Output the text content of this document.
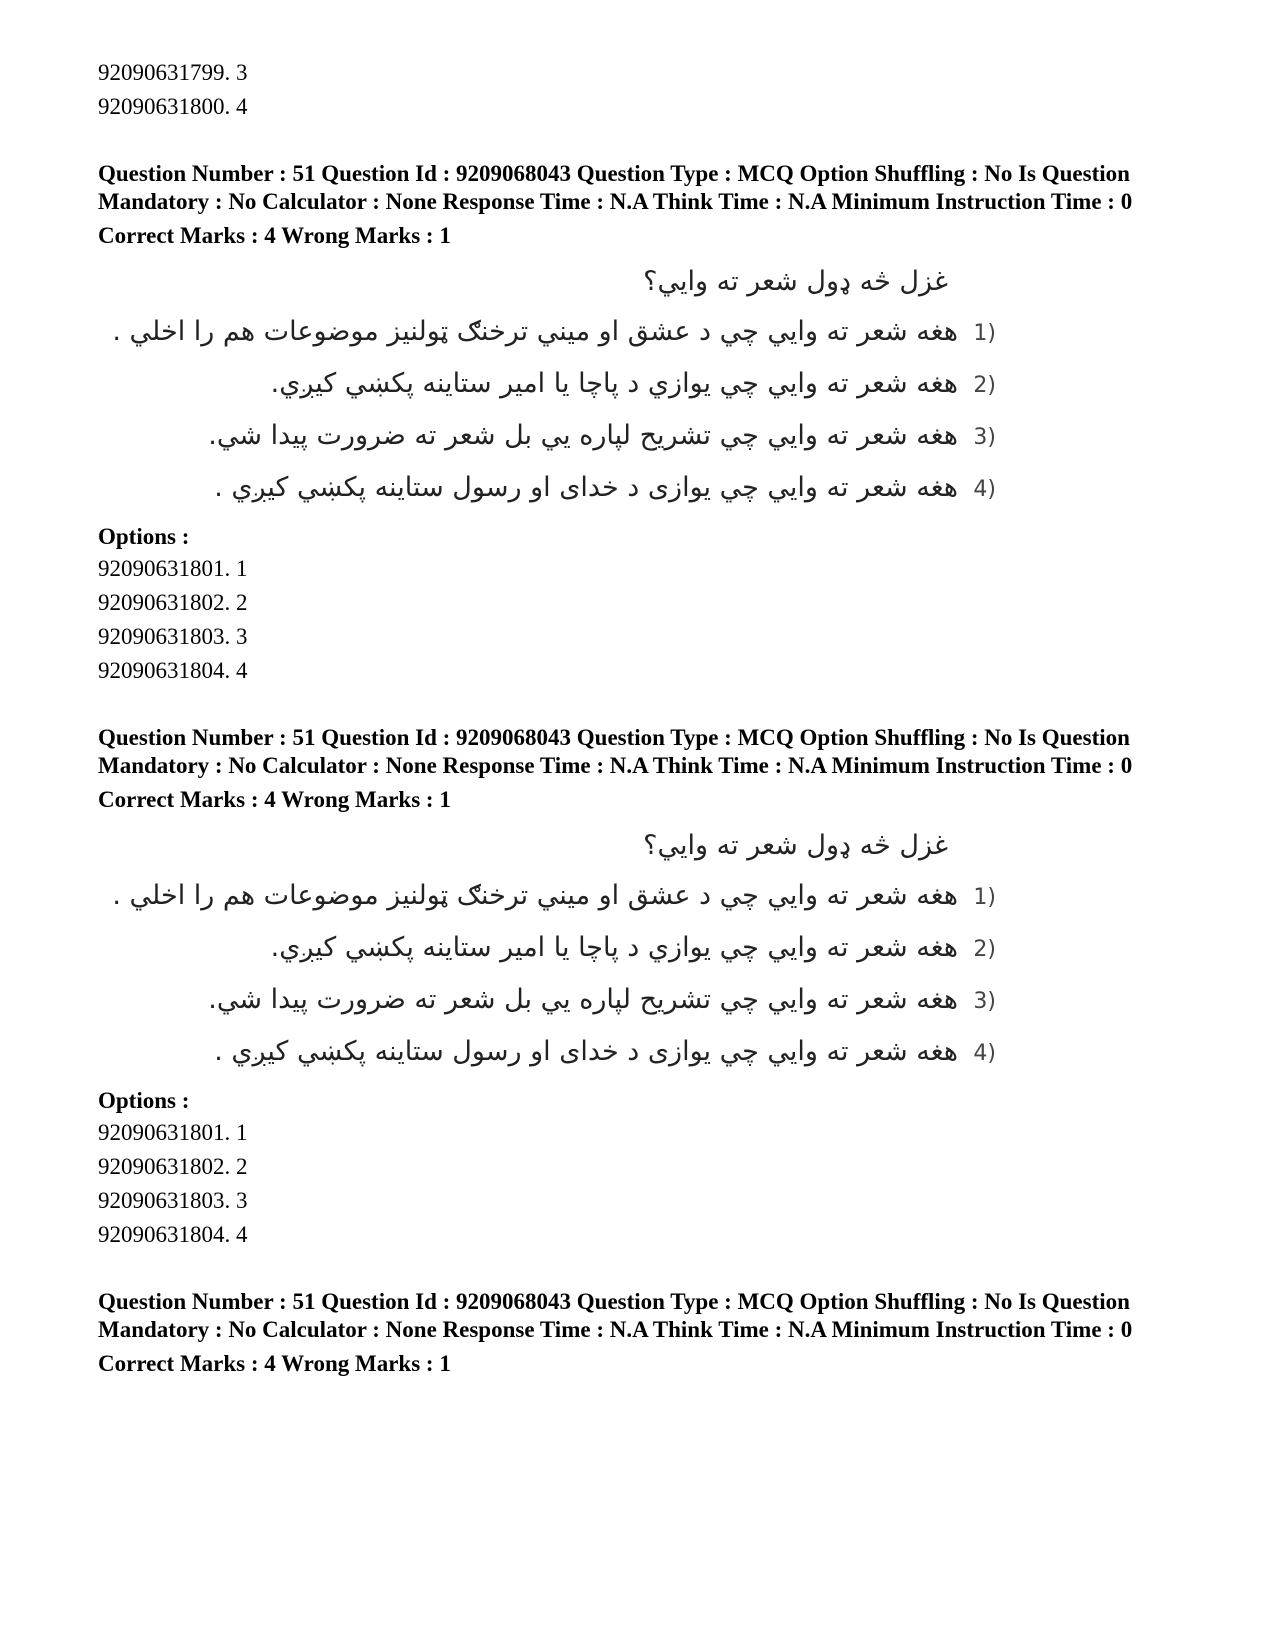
92090631799. 3

92090631800. 4

Question Number : 51 Question Id : 9209068043 Question Type : MCQ Option Shuffling : No Is Question Mandatory : No Calculator : None Response Time : N.A Think Time : N.A Minimum Instruction Time : 0

Correct Marks : 4 Wrong Marks : 1

غزل څه ډول شعر ته وايي؟

هغه شعر ته وايي چي د عشق او ميني ترخنګ ټولنيز موضوعات هم را اخلي . 1)
هغه شعر ته وايي چي يوازي د پاچا يا امير ستاينه پکښي کيږي. 2)
هغه شعر ته وايي چي تشريح لپاره يي بل شعر ته ضرورت پيدا شي. 3)
هغه شعر ته وايي چي يوازی د خدای او رسول ستاينه پکښي کيږي . 4)

Options :

92090631801. 1

92090631802. 2

92090631803. 3

92090631804. 4

Question Number : 51 Question Id : 9209068043 Question Type : MCQ Option Shuffling : No Is Question Mandatory : No Calculator : None Response Time : N.A Think Time : N.A Minimum Instruction Time : 0

Correct Marks : 4 Wrong Marks : 1

غزل څه ډول شعر ته وايي؟

هغه شعر ته وايي چي د عشق او ميني ترخنګ ټولنيز موضوعات هم را اخلي . 1)
هغه شعر ته وايي چي يوازي د پاچا يا امير ستاينه پکښي کيږي. 2)
هغه شعر ته وايي چي تشريح لپاره يي بل شعر ته ضرورت پيدا شي. 3)
هغه شعر ته وايي چي يوازی د خدای او رسول ستاينه پکښي کيږي . 4)

Options :

92090631801. 1

92090631802. 2

92090631803. 3

92090631804. 4

Question Number : 51 Question Id : 9209068043 Question Type : MCQ Option Shuffling : No Is Question Mandatory : No Calculator : None Response Time : N.A Think Time : N.A Minimum Instruction Time : 0

Correct Marks : 4 Wrong Marks : 1
